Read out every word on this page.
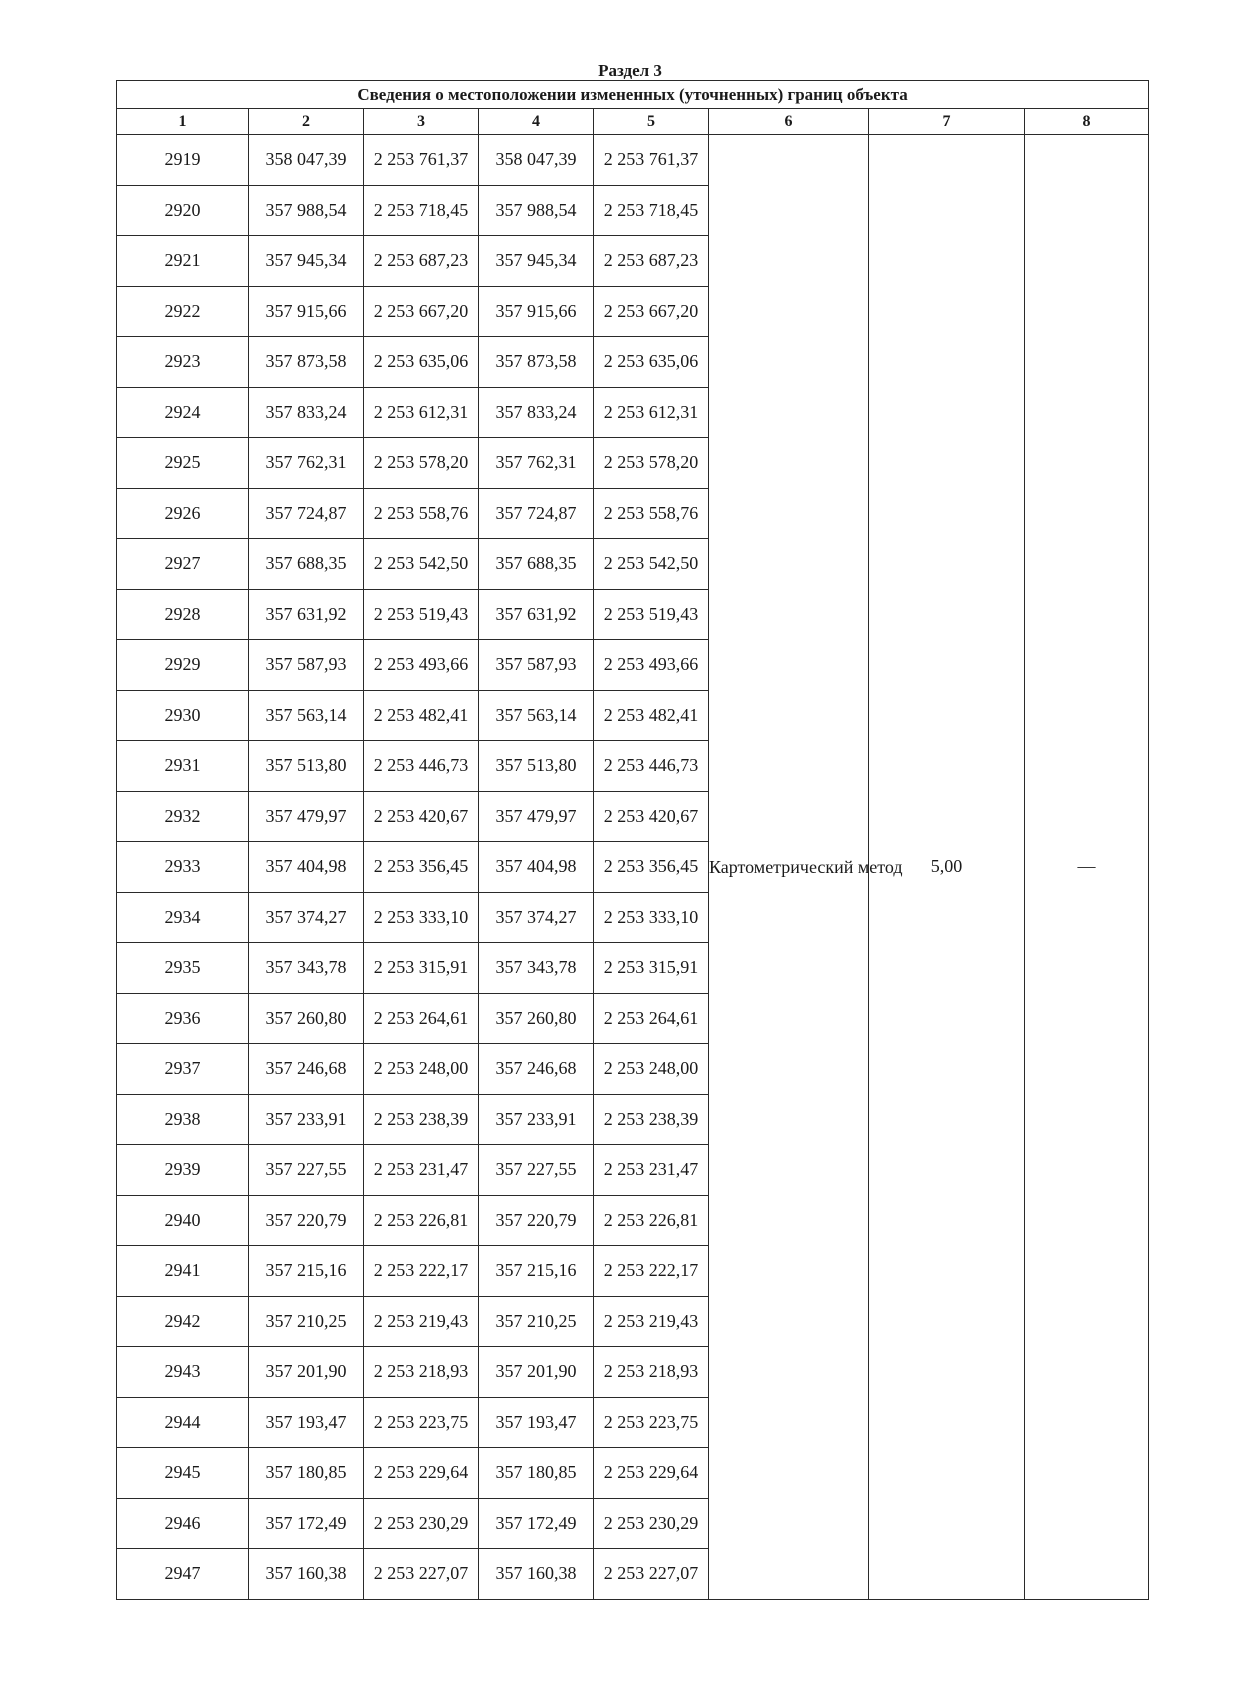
Раздел 3
Сведения о местоположении измененных (уточненных) границ объекта							
1	2	3	4	5	6	7	8
2919	358 047,39	2 253 761,37	358 047,39	2 253 761,37	Картометрический метод	5,00	—
2920	357 988,54	2 253 718,45	357 988,54	2 253 718,45			
2921	357 945,34	2 253 687,23	357 945,34	2 253 687,23			
2922	357 915,66	2 253 667,20	357 915,66	2 253 667,20			
2923	357 873,58	2 253 635,06	357 873,58	2 253 635,06			
2924	357 833,24	2 253 612,31	357 833,24	2 253 612,31			
2925	357 762,31	2 253 578,20	357 762,31	2 253 578,20			
2926	357 724,87	2 253 558,76	357 724,87	2 253 558,76			
2927	357 688,35	2 253 542,50	357 688,35	2 253 542,50			
2928	357 631,92	2 253 519,43	357 631,92	2 253 519,43			
2929	357 587,93	2 253 493,66	357 587,93	2 253 493,66			
2930	357 563,14	2 253 482,41	357 563,14	2 253 482,41			
2931	357 513,80	2 253 446,73	357 513,80	2 253 446,73			
2932	357 479,97	2 253 420,67	357 479,97	2 253 420,67			
2933	357 404,98	2 253 356,45	357 404,98	2 253 356,45			
2934	357 374,27	2 253 333,10	357 374,27	2 253 333,10			
2935	357 343,78	2 253 315,91	357 343,78	2 253 315,91			
2936	357 260,80	2 253 264,61	357 260,80	2 253 264,61			
2937	357 246,68	2 253 248,00	357 246,68	2 253 248,00			
2938	357 233,91	2 253 238,39	357 233,91	2 253 238,39			
2939	357 227,55	2 253 231,47	357 227,55	2 253 231,47			
2940	357 220,79	2 253 226,81	357 220,79	2 253 226,81			
2941	357 215,16	2 253 222,17	357 215,16	2 253 222,17			
2942	357 210,25	2 253 219,43	357 210,25	2 253 219,43			
2943	357 201,90	2 253 218,93	357 201,90	2 253 218,93			
2944	357 193,47	2 253 223,75	357 193,47	2 253 223,75			
2945	357 180,85	2 253 229,64	357 180,85	2 253 229,64			
2946	357 172,49	2 253 230,29	357 172,49	2 253 230,29			
2947	357 160,38	2 253 227,07	357 160,38	2 253 227,07			
